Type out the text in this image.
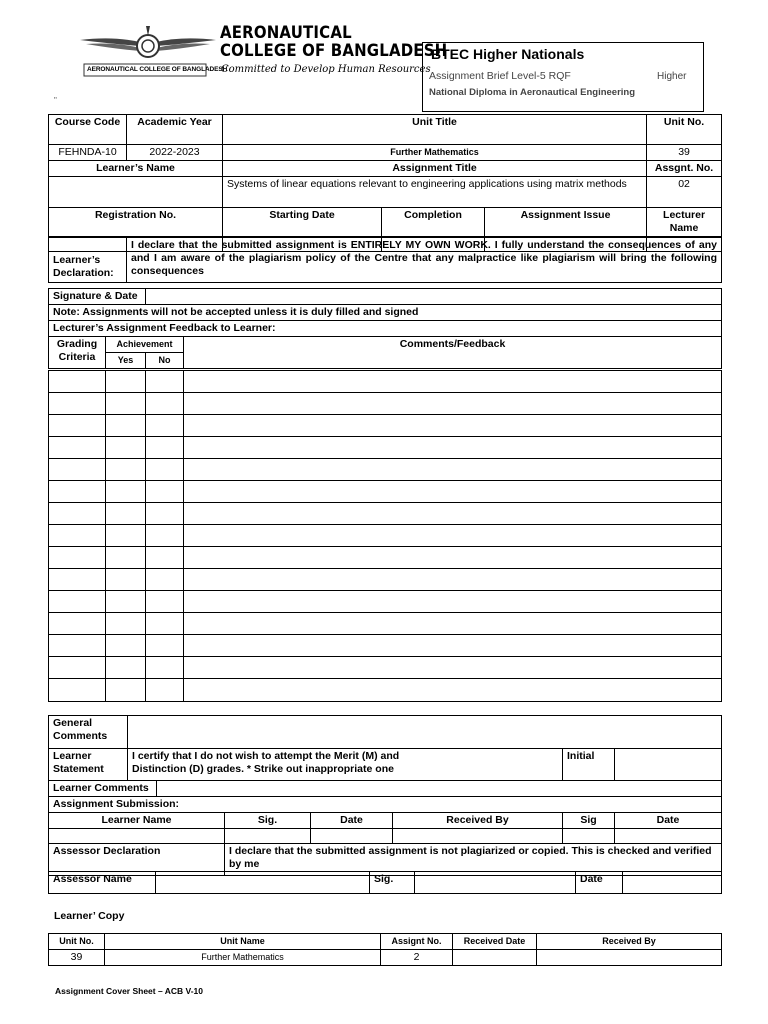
AERONAUTICAL COLLEGE OF BANGLADESH
AERONAUTICAL
COLLEGE OF BANGLADESH
Committed to Develop Human Resources
"
BTEC Higher Nationals
Assignment Brief Level-5 RQF	Higher
National Diploma in Aeronautical Engineering
Course Code	Academic Year	Unit Title			Unit No.
FEHNDA-10	2022-2023	Further Mathematics			39
Learner’s Name		Assignment Title			Assgnt. No.
		Systems of linear equations relevant to engineering applications using matrix methods			02
Registration No.		Starting Date	Completion	Assignment Issue	Lecturer Name

Learner’s Declaration:	I declare that the submitted assignment is ENTIRELY MY OWN WORK. I fully understand the consequences of any and I am aware of the plagiarism policy of the Centre that any malpractice like plagiarism will bring the following consequences
Signature & Date			
Note: Assignments will not be accepted unless it is duly filled and signed			
Lecturer’s Assignment Feedback to Learner:			
Grading Criteria	Achievement		Comments/Feedback
	Yes	No	

General Comments							
Learner Statement	I certify that I do not wish to attempt the Merit (M) and Distinction (D) grades. * Strike out inappropriate one					Initial	
Learner Comments							
Assignment Submission:							
Learner Name			Sig.	Date	Received By	Sig	Date

Assessor Declaration			I declare that the submitted assignment is not plagiarized or copied. This is checked and verified by me				
Assessor Name		Sig.		Date	
Learner’ Copy
Unit No.	Unit Name	Assignt No.	Received Date	Received By
39	Further Mathematics	2		
Assignment Cover Sheet – ACB V-10
